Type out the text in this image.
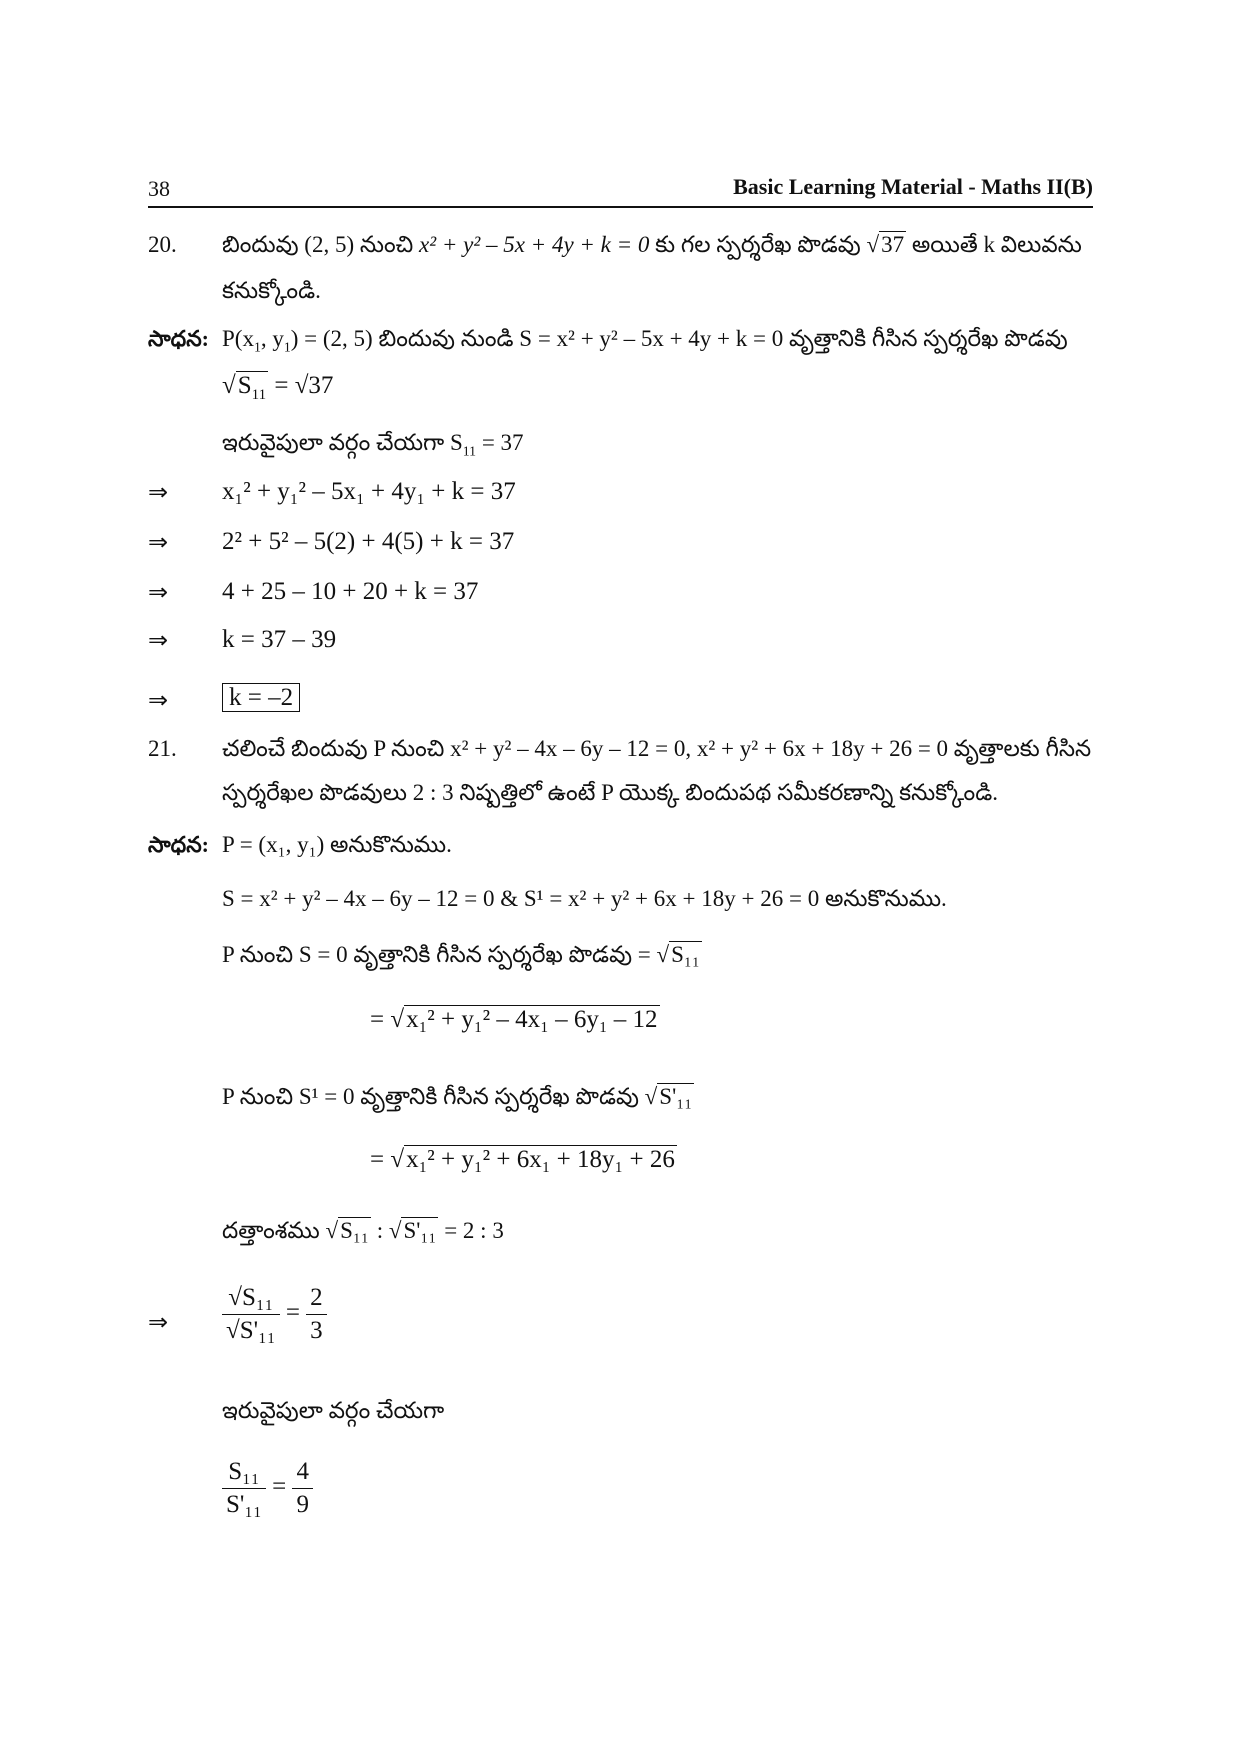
38	Basic Learning Material - Maths II(B)
20. బిందువు (2, 5) నుంచి x² + y² – 5x + 4y + k = 0 కు గల స్పర్శరేఖ పొడవు √37 అయితే k విలువను
కనుక్కోండి.
సాధన: $P(x_1$, $y_1) = (2$, 5) బిందువు నుండి S = x² + y² – 5x + 4y + k = 0 వృత్తానికి గీసిన స్పర్శరేఖ పొడవు
$√S_{11} = √37$
ఇరువైపులా వర్గం చేయగా $S_{11} = 37$
⇒ x₁² + y₁² – 5x₁ + 4y₁ + k = 37
⇒ 2² + 5² – 5(2) + 4(5) + k = 37
⇒ 4 + 25 – 10 + 20 + k = 37
⇒ k = 37 – 39
⇒ k = –2
21. చలించే బిందువు P నుంచి x² + y² – 4x – 6y – 12 = 0, x² + y² + 6x + 18y + 26 = 0 వృత్తాలకు గీసిన
స్పర్శరేఖల పొడవులు 2 : 3 నిష్పత్తిలో ఉంటే P యొక్క బిందుపథ సమీకరణాన్ని కనుక్కోండి.
సాధన: P = (x₁, y₁) అనుకొనుము.
S = x² + y² – 4x – 6y – 12 = 0 & S¹ = x² + y² + 6x + 18y + 26 = 0 అనుకొనుము.
P నుంచి S = 0 వృత్తానికి గీసిన స్పర్శరేఖ పొడవు = √S₁₁
= √x₁² + y₁² – 4x₁ – 6y₁ – 12
P నుంచి S¹ = 0 వృత్తానికి గీసిన స్పర్శరేఖ పొడవు √S'₁₁
= √x₁² + y₁² + 6x₁ + 18y₁ + 26
దత్తాంశము √S₁₁ : √S'₁₁ = 2 : 3
⇒ $\frac{\text{√S₁₁}}{\text{√S'₁₁}} = \frac{2}{3}$
ఇరువైపులా వర్గం చేయగా
$\frac{\text{S₁₁}}{\text{S'₁₁}} = \frac{4}{9}$
